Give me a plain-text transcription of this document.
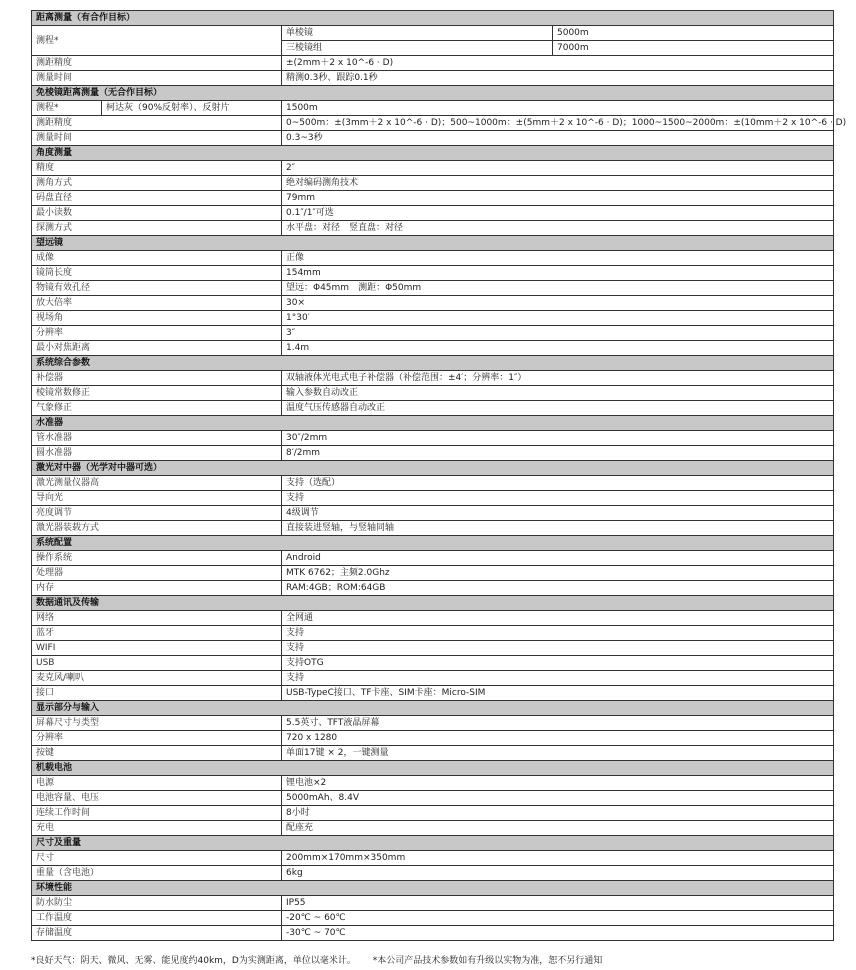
距离测量（有合作目标）			
测程*		单棱镜	5000m
		三棱镜组	7000m
测距精度		±(2mm＋2 x 10^-6 · D)	
测量时间		精测0.3秒、跟踪0.1秒	
免棱镜距离测量（无合作目标）			
测程*	柯达灰（90%反射率）、反射片	1500m	
测距精度		0~500m：±(3mm＋2 x 10^-6 · D)；500~1000m：±(5mm＋2 x 10^-6 · D)；1000~1500~2000m：±(10mm＋2 x 10^-6 · D)	
测量时间		0.3~3秒	
角度测量			
精度		2″	
测角方式		绝对编码测角技术	
码盘直径		79mm	
最小读数		0.1″/1″可选	
探测方式		水平盘：对径　竖直盘：对径	
望远镜			
成像		正像	
镜筒长度		154mm	
物镜有效孔径		望远：Φ45mm　测距：Φ50mm	
放大倍率		30×	
视场角		1°30′	
分辨率		3″	
最小对焦距离		1.4m	
系统综合参数			
补偿器		双轴液体光电式电子补偿器（补偿范围：±4′；分辨率：1″）	
棱镜常数修正		输入参数自动改正	
气象修正		温度气压传感器自动改正	
水准器			
管水准器		30″/2mm	
圆水准器		8′/2mm	
激光对中器（光学对中器可选）			
激光测量仪器高		支持（选配）	
导向光		支持	
亮度调节		4级调节	
激光器装载方式		直接装进竖轴，与竖轴同轴	
系统配置			
操作系统		Android	
处理器		MTK 6762；主频2.0Ghz	
内存		RAM:4GB；ROM:64GB	
数据通讯及传输			
网络		全网通	
蓝牙		支持	
WIFI		支持	
USB		支持OTG	
麦克风/喇叭		支持	
接口		USB-TypeC接口、TF卡座、SIM卡座：Micro-SIM	
显示部分与输入			
屏幕尺寸与类型		5.5英寸、TFT液晶屏幕	
分辨率		720 x 1280	
按键		单面17键 × 2，一键测量	
机载电池			
电源		锂电池×2	
电池容量、电压		5000mAh、8.4V	
连续工作时间		8小时	
充电		配座充	
尺寸及重量			
尺寸		200mm×170mm×350mm	
重量（含电池）		6kg	
环境性能			
防水防尘		IP55	
工作温度		-20℃ ~ 60℃	
存储温度		-30℃ ~ 70℃	
*良好天气：阴天、微风、无雾、能见度约40km，D为实测距离，单位以毫米计。 *本公司产品技术参数如有升级以实物为准，恕不另行通知
